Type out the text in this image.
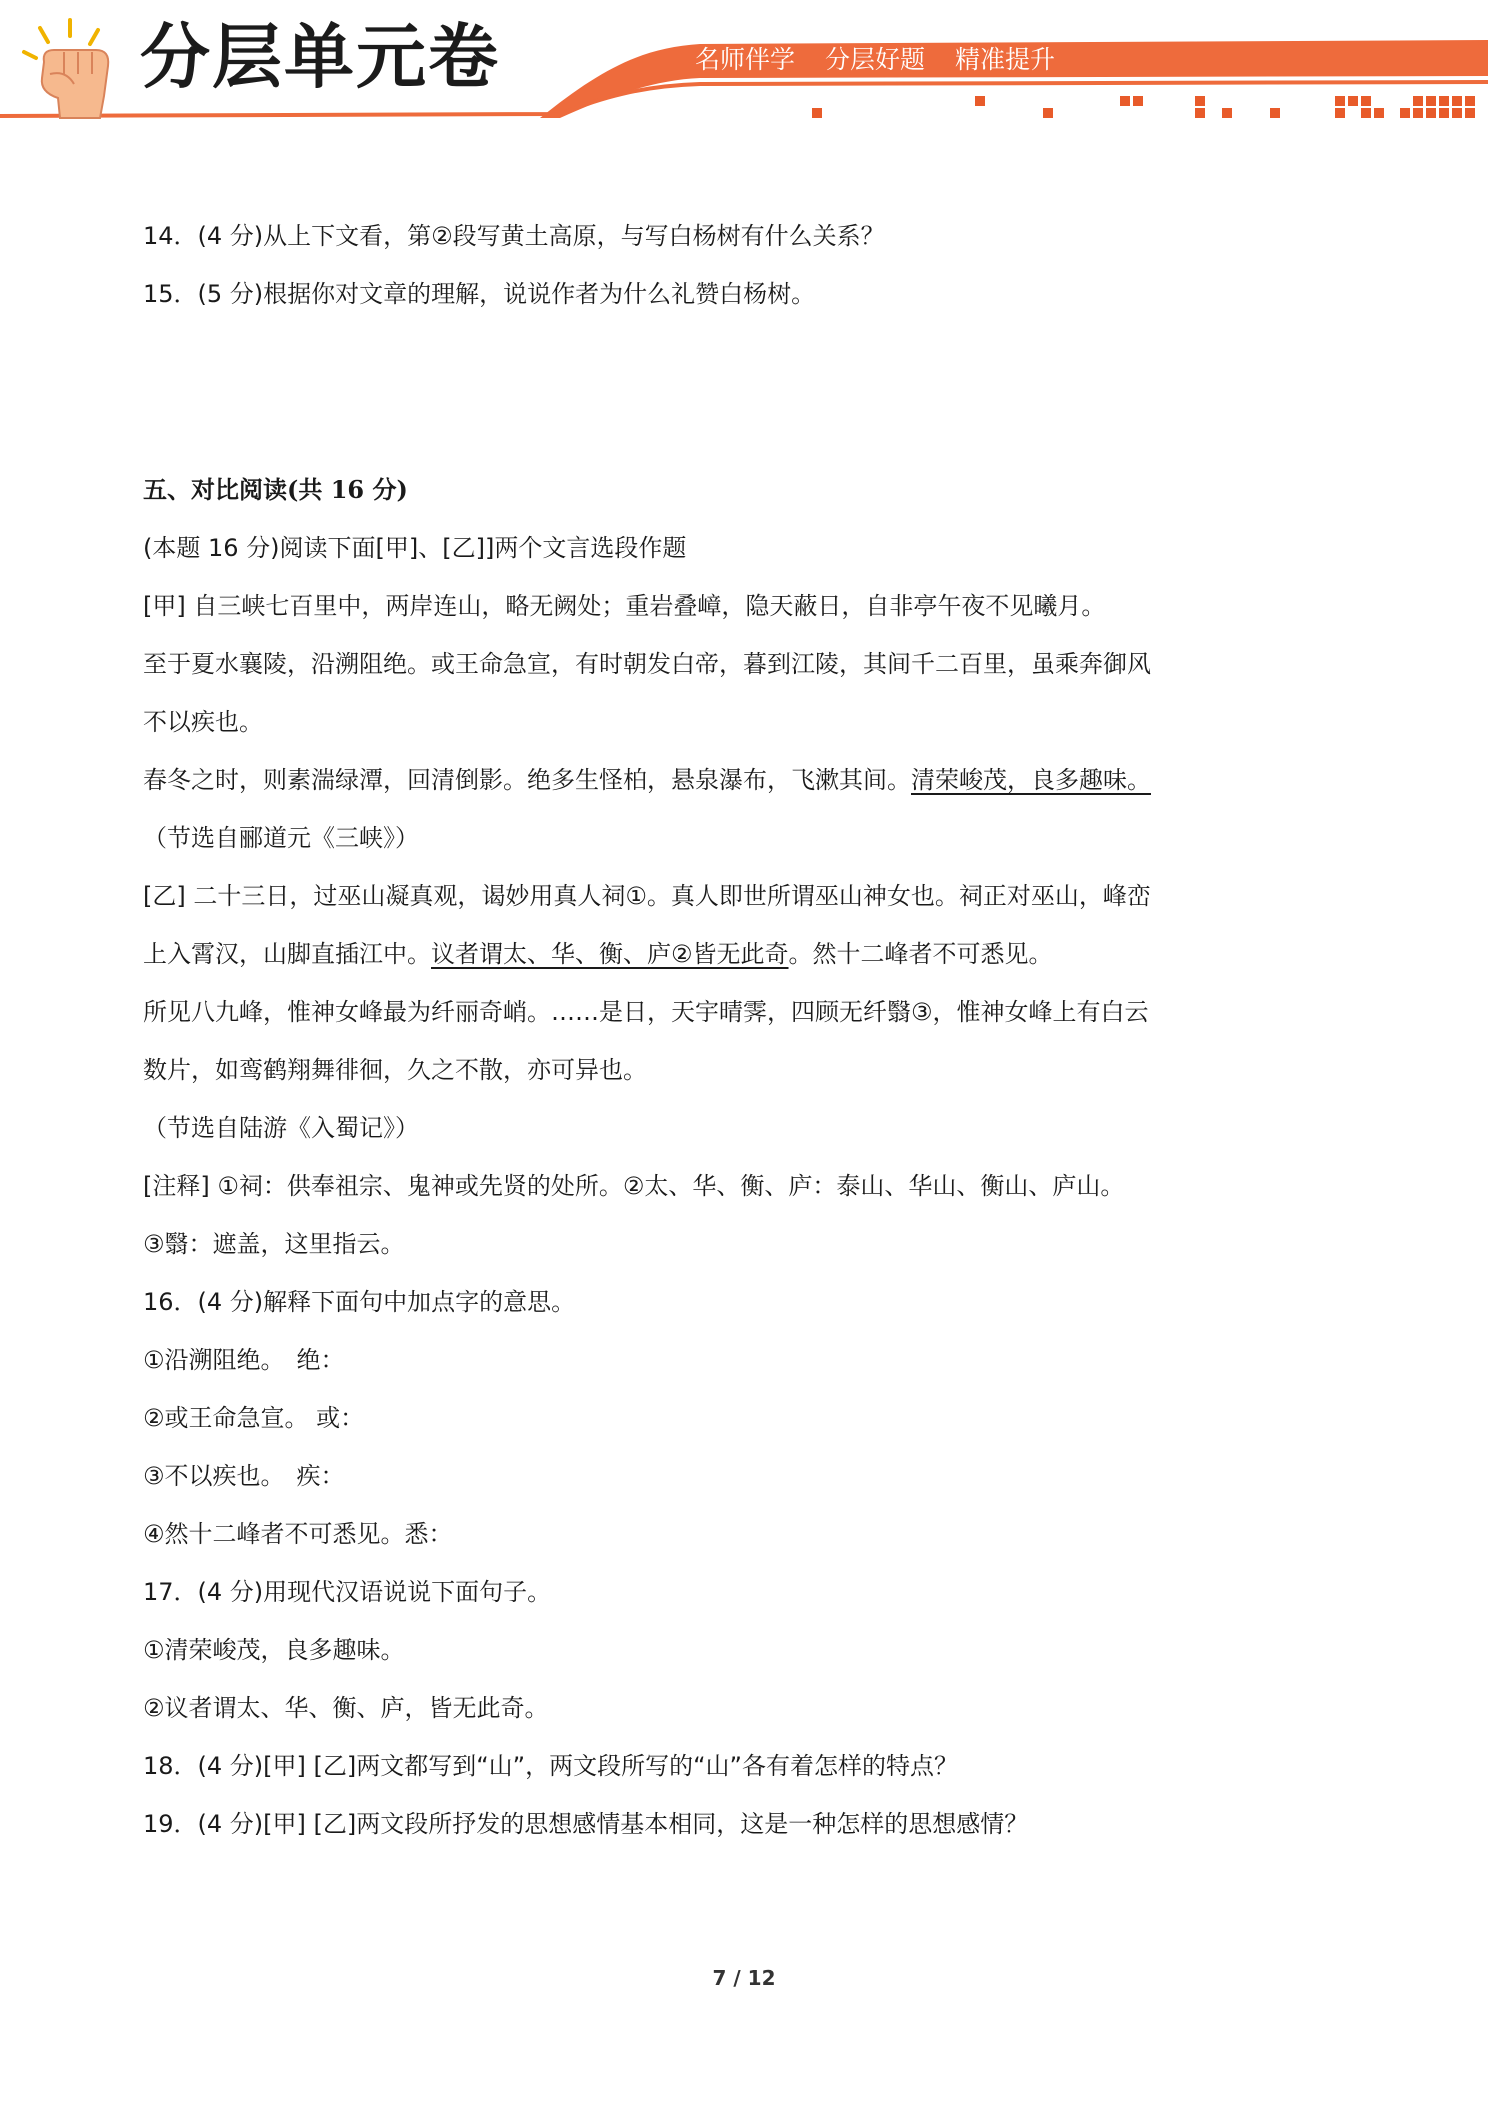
分层单元卷	名师伴学 分层好题 精准提升
14．(4 分)从上下文看，第②段写黄土高原，与写白杨树有什么关系？
15．(5 分)根据你对文章的理解，说说作者为什么礼赞白杨树。
五、对比阅读(共 16 分)
(本题 16 分)阅读下面[甲]、[乙]]两个文言选段作题
[甲] 自三峡七百里中，两岸连山，略无阙处；重岩叠嶂，隐天蔽日，自非亭午夜不见曦月。
至于夏水襄陵，沿溯阻绝。或王命急宣，有时朝发白帝，暮到江陵，其间千二百里，虽乘奔御风
不以疾也。
春冬之时，则素湍绿潭，回清倒影。绝多生怪柏，悬泉瀑布，飞漱其间。清荣峻茂，良多趣味。
（节选自郦道元《三峡》）
[乙] 二十三日，过巫山凝真观，谒妙用真人祠①。真人即世所谓巫山神女也。祠正对巫山，峰峦
上入霄汉，山脚直插江中。议者谓太、华、衡、庐②皆无此奇。然十二峰者不可悉见。
所见八九峰，惟神女峰最为纤丽奇峭。……是日，天宇晴霁，四顾无纤翳③，惟神女峰上有白云
数片，如鸾鹤翔舞徘徊，久之不散，亦可异也。
（节选自陆游《入蜀记》）
[注释] ①祠：供奉祖宗、鬼神或先贤的处所。②太、华、衡、庐：泰山、华山、衡山、庐山。
③翳：遮盖，这里指云。
16．(4 分)解释下面句中加点字的意思。
①沿溯阻绝。　绝：
②或王命急宣。 或：
③不以疾也。　疾：
④然十二峰者不可悉见。悉：
17．(4 分)用现代汉语说说下面句子。
①清荣峻茂，良多趣味。
②议者谓太、华、衡、庐，皆无此奇。
18．(4 分)[甲] [乙]两文都写到“山”，两文段所写的“山”各有着怎样的特点？
19．(4 分)[甲] [乙]两文段所抒发的思想感情基本相同，这是一种怎样的思想感情？
7 / 12
